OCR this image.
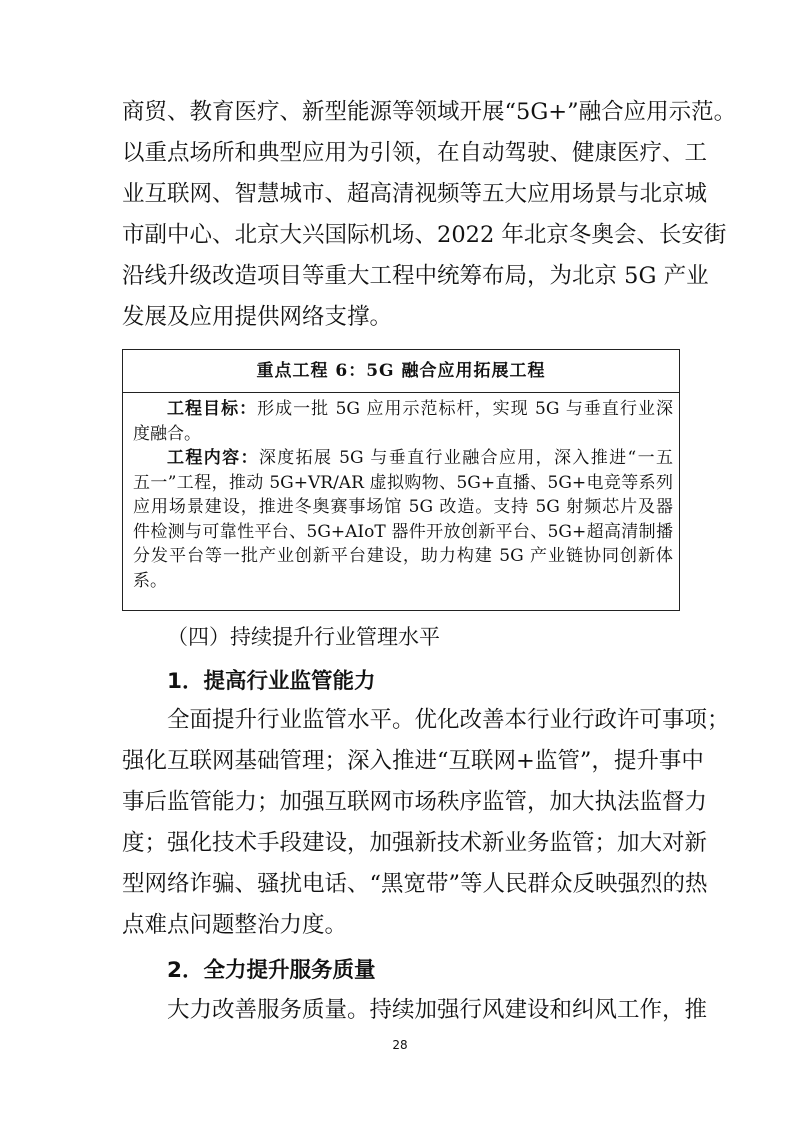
商贸、教育医疗、新型能源等领域开展“5G+”融合应用示范。
以重点场所和典型应用为引领，在自动驾驶、健康医疗、工
业互联网、智慧城市、超高清视频等五大应用场景与北京城
市副中心、北京大兴国际机场、2022 年北京冬奥会、长安街
沿线升级改造项目等重大工程中统筹布局，为北京 5G 产业
发展及应用提供网络支撑。
重点工程 6：5G 融合应用拓展工程
工程目标：形成一批 5G 应用示范标杆，实现 5G 与垂直行业深
度融合。
工程内容：深度拓展 5G 与垂直行业融合应用，深入推进“一五
五一”工程，推动 5G+VR/AR 虚拟购物、5G+直播、5G+电竞等系列
应用场景建设，推进冬奥赛事场馆 5G 改造。支持 5G 射频芯片及器
件检测与可靠性平台、5G+AIoT 器件开放创新平台、5G+超高清制播
分发平台等一批产业创新平台建设，助力构建 5G 产业链协同创新体
系。
（四）持续提升行业管理水平
1．提高行业监管能力
全面提升行业监管水平。优化改善本行业行政许可事项；
强化互联网基础管理；深入推进“互联网+监管”，提升事中
事后监管能力；加强互联网市场秩序监管，加大执法监督力
度；强化技术手段建设，加强新技术新业务监管；加大对新
型网络诈骗、骚扰电话、“黑宽带”等人民群众反映强烈的热
点难点问题整治力度。
2．全力提升服务质量
大力改善服务质量。持续加强行风建设和纠风工作，推
28
